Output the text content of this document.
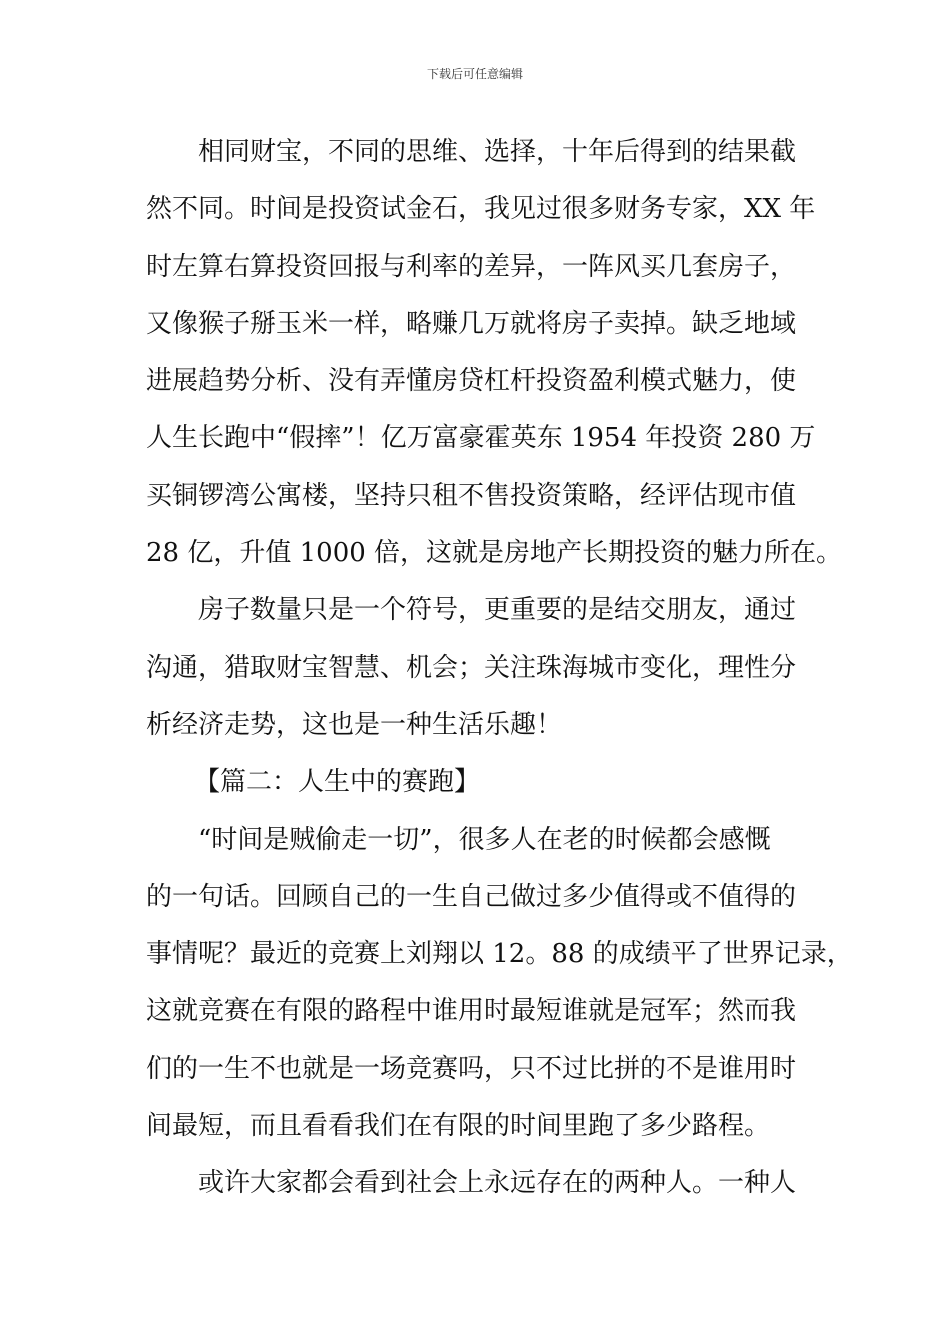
下载后可任意编辑
相同财宝，不同的思维、选择，十年后得到的结果截
然不同。时间是投资试金石，我见过很多财务专家，XX 年
时左算右算投资回报与利率的差异，一阵风买几套房子，
又像猴子掰玉米一样，略赚几万就将房子卖掉。缺乏地域
进展趋势分析、没有弄懂房贷杠杆投资盈利模式魅力，使
人生长跑中“假摔”！亿万富豪霍英东 1954 年投资 280 万
买铜锣湾公寓楼，坚持只租不售投资策略，经评估现市值
28 亿，升值 1000 倍，这就是房地产长期投资的魅力所在。
房子数量只是一个符号，更重要的是结交朋友，通过
沟通，猎取财宝智慧、机会；关注珠海城市变化，理性分
析经济走势，这也是一种生活乐趣！
【篇二：人生中的赛跑】
“时间是贼偷走一切”，很多人在老的时候都会感慨
的一句话。回顾自己的一生自己做过多少值得或不值得的
事情呢？最近的竞赛上刘翔以 12。88 的成绩平了世界记录，
这就竞赛在有限的路程中谁用时最短谁就是冠军；然而我
们的一生不也就是一场竞赛吗，只不过比拼的不是谁用时
间最短，而且看看我们在有限的时间里跑了多少路程。
或许大家都会看到社会上永远存在的两种人。一种人
